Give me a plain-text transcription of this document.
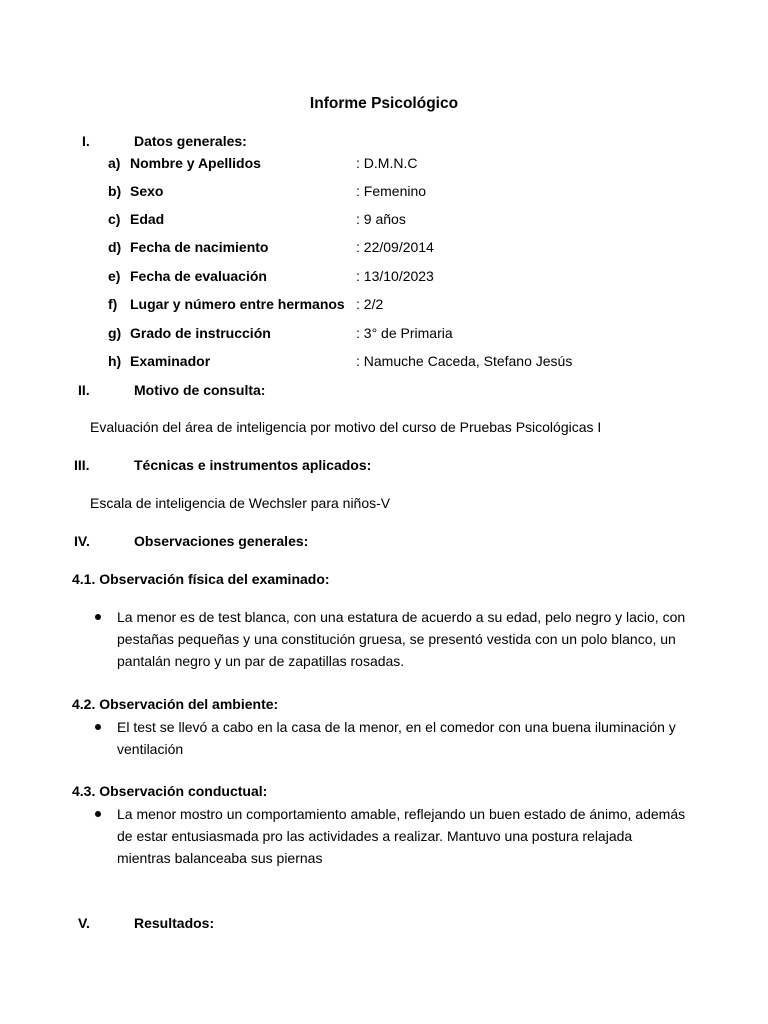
Informe Psicológico
I.	Datos generales:
a) Nombre y Apellidos	: D.M.N.C
b) Sexo	: Femenino
c) Edad	: 9 años
d) Fecha de nacimiento	: 22/09/2014
e) Fecha de evaluación	: 13/10/2023
f) Lugar y número entre hermanos : 2/2
g) Grado de instrucción	: 3° de Primaria
h) Examinador	: Namuche Caceda, Stefano Jesús
II.	Motivo de consulta:
Evaluación del área de inteligencia por motivo del curso de Pruebas Psicológicas I
III.	Técnicas e instrumentos aplicados:
Escala de inteligencia de Wechsler para niños-V
IV.	Observaciones generales:
4.1. Observación física del examinado:
La menor es de test blanca, con una estatura de acuerdo a su edad, pelo negro y lacio, con pestañas pequeñas y una constitución gruesa, se presentó vestida con un polo blanco, un pantalán negro y un par de zapatillas rosadas.
4.2. Observación del ambiente:
El test se llevó a cabo en la casa de la menor, en el comedor con una buena iluminación y ventilación
4.3. Observación conductual:
La menor mostro un comportamiento amable, reflejando un buen estado de ánimo, además de estar entusiasmada pro las actividades a realizar. Mantuvo una postura relajada mientras balanceaba sus piernas
V.	Resultados:
